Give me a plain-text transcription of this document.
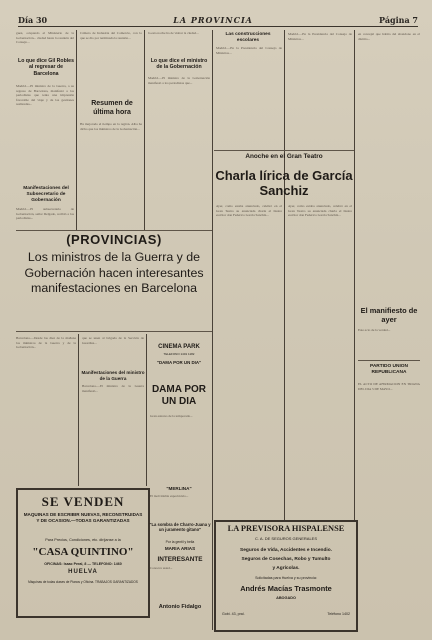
Día 30	LA PROVINCIA	Página 7
guez, ocupando el Ministerio de la Gobernación... ciudad hasta la reunión del Consejo...
Lo que dice Gil Robles al regresar de Barcelona
Madrid.—El ministro de la Guerra, a su regreso de Barcelona, manifestó a los periodistas que tenía una impresión favorable del viaje y de las gestiones realizadas...
Manifestaciones del Subsecretario de Gobernación
Madrid.—El subsecretario de Gobernación, señor Delgado, recibió a los periodistas...
Cámara de Industria del Comercio, con lo que se dio por terminada la reunión...
Resumen de última hora
Ha mejorado el tiempo en la región. Alba ha dicho que los ministros de la Gobernación...
la esta noche ha de visitar la ciudad...
Lo que dice el ministro de la Gobernación
Madrid.—El ministro de la Gobernación manifestó a los periodistas que...
(PROVINCIAS)
Los ministros de la Guerra y de Gobernación hacen interesantes manifestaciones en Barcelona
Barcelona.—Desde las diez de la mañana los ministros de la Guerra y de la Gobernación...
que se unen al brigada de la Sección de Guardias...
Manifestaciones del ministro de la Guerra
Barcelona.—El ministro de la Guerra manifestó...
CINEMA PARK
TELEFONO 1401 1182
"DAMA POR UN DIA"
DAMA POR UN DIA
Gran estreno de la temporada...
SE VENDEN
MAQUINAS DE ESCRIBIR NUEVAS, RECONSTRUIDAS Y DE OCASION.—TODAS GARANTIZADAS
Para Precios, Condiciones, etc. diríjanse a la
"CASA QUINTINO"
OFICINAS: Isaac Peral, 8 — TELEFONO: 1460
HUELVA
Máquinas de todas clases de Pianos y Oficina. TRABAJOS GARANTIZADOS
"MERLINA"
El inolvidable espectáculo...
"La sombra de Charro-Juana y un juramento gitano"
Por la gentil y bella
MARIA ARIAS
INTERESANTE
Conozca usted...
Antonio Fidalgo
Las construcciones escolares
Madrid.—En la Presidencia del Consejo de Ministros...
Madrid.—En la Presidencia del Consejo de Ministros...
Anoche en el Gran Teatro
Charla lírica de García Sanchiz
Ayer, como estaba anunciado, celebró en el Gran Teatro su anunciada charla el ilustre escritor don Federico García Sanchiz...
Ayer, como estaba anunciado, celebró en el Gran Teatro su anunciada charla el ilustre escritor don Federico García Sanchiz...
en concejal que habita del abandono en el distrito...
El manifiesto de ayer
Este acto de la verdad...
PARTIDO UNION REPUBLICANA
EL ACTO DE AFIRMACION EN TRIANA DEL DIA 5 DE MAYO...
LA PREVISORA HISPALENSE
C. A. DE SEGUROS GENERALES
Seguros de Vida, Accidentes e Incendio.
Seguros de Cosechas, Robo y Tumulto
y Agrícolas.
Solicitadas para Huelva y su provincia:
Andrés Macías Trasmonte
ABOGADO
Gobi. 43, pral.	Teléfono 1402
